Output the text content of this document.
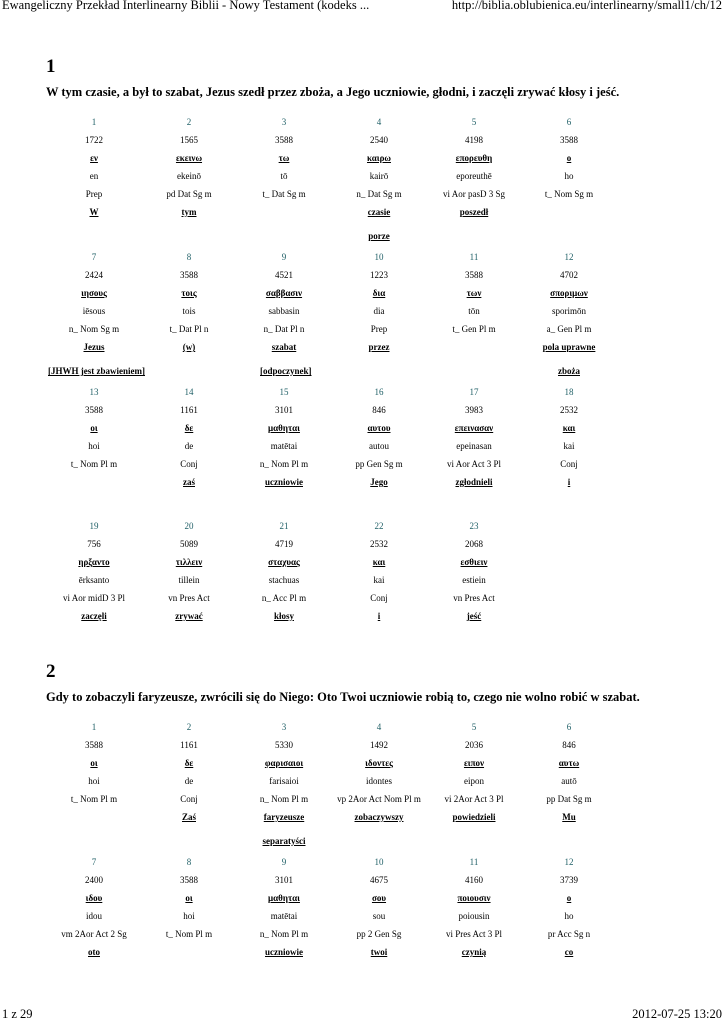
Ewangeliczny Przekład Interlinearny Biblii - Nowy Testament (kodeks ...	http://biblia.oblubienica.eu/interlinearny/small1/ch/12
1
W tym czasie, a był to szabat, Jezus szedł przez zboża, a Jego uczniowie, głodni, i zaczęli zrywać kłosy i jeść.
1
1722
εν
en
Prep
W
2
1565
εκεινω
ekeinō
pd Dat Sg m
tym
3
3588
τω
tō
t_ Dat Sg m
4
2540
καιρω
kairō
n_ Dat Sg m
czasie
porze
5
4198
επορευθη
eporeuthē
vi Aor pasD 3 Sg
poszedł
6
3588
ο
ho
t_ Nom Sg m
7
2424
ιησους
iēsous
n_ Nom Sg m
Jezus
[JHWH jest zbawieniem]
8
3588
τοις
tois
t_ Dat Pl n
(w)
9
4521
σαββασιν
sabbasin
n_ Dat Pl n
szabat
[odpoczynek]
10
1223
δια
dia
Prep
przez
11
3588
των
tōn
t_ Gen Pl m
12
4702
σποριμων
sporimōn
a_ Gen Pl m
pola uprawne
zboża
13
3588
οι
hoi
t_ Nom Pl m
14
1161
δε
de
Conj
zaś
15
3101
μαθηται
matētai
n_ Nom Pl m
uczniowie
16
846
αυτου
autou
pp Gen Sg m
Jego
17
3983
επεινασαν
epeinasan
vi Aor Act 3 Pl
zgłodnieli
18
2532
και
kai
Conj
i
19
756
ηρξαντο
ērksanto
vi Aor midD 3 Pl
zaczęli
20
5089
τιλλειν
tillein
vn Pres Act
zrywać
21
4719
σταχυας
stachuas
n_ Acc Pl m
kłosy
22
2532
και
kai
Conj
i
23
2068
εσθιειν
estiein
vn Pres Act
jeść
2
Gdy to zobaczyli faryzeusze, zwrócili się do Niego: Oto Twoi uczniowie robią to, czego nie wolno robić w szabat.
1
3588
οι
hoi
t_ Nom Pl m
2
1161
δε
de
Conj
Zaś
3
5330
φαρισαιοι
farisaioi
n_ Nom Pl m
faryzeusze
separatyści
4
1492
ιδοντες
idontes
vp 2Aor Act Nom Pl m
zobaczywszy
5
2036
ειπον
eipon
vi 2Aor Act 3 Pl
powiedzieli
6
846
αυτω
autō
pp Dat Sg m
Mu
7
2400
ιδου
idou
vm 2Aor Act 2 Sg
oto
8
3588
οι
hoi
t_ Nom Pl m
9
3101
μαθηται
matētai
n_ Nom Pl m
uczniowie
10
4675
σου
sou
pp 2 Gen Sg
twoi
11
4160
ποιουσιν
poiousin
vi Pres Act 3 Pl
czynią
12
3739
ο
ho
pr Acc Sg n
co
1 z 29	2012-07-25 13:20
